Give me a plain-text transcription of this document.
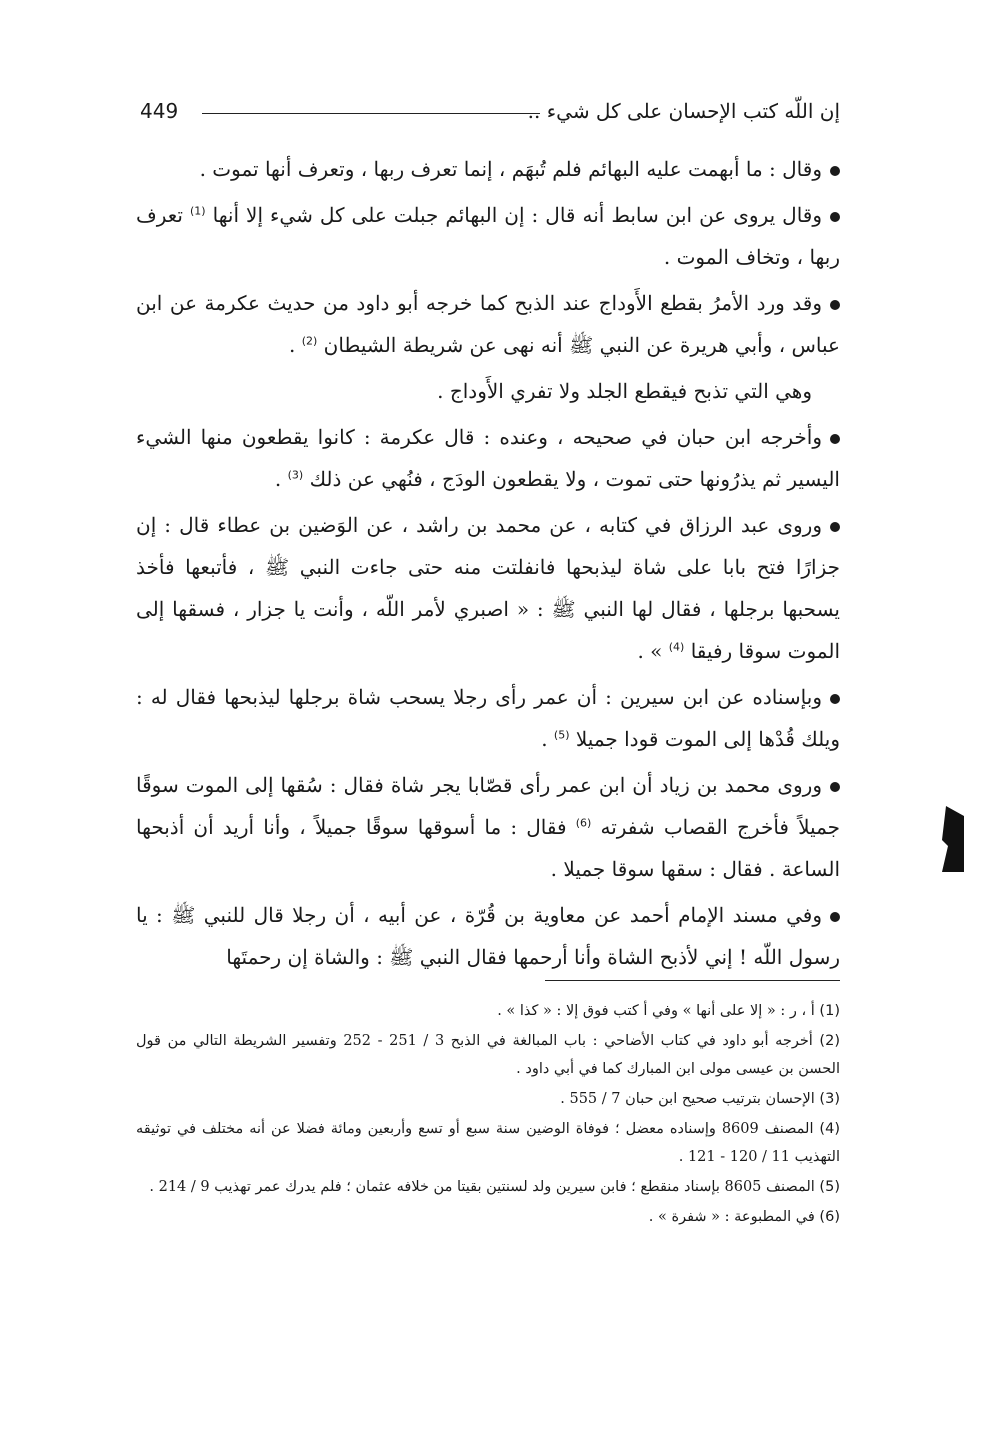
إن اللّه كتب الإحسان على كل شيء ..
449

وقال : ما أبهمت عليه البهائم فلم تُبهَم ، إنما تعرف ربها ، وتعرف أنها تموت .

وقال يروى عن ابن سابط أنه قال : إن البهائم جبلت على كل شيء إلا أنها $^{(1)}$ تعرف ربها ، وتخاف الموت .

وقد ورد الأمرُ بقطع الأَوداج عند الذبح كما خرجه أبو داود من حديث عكرمة عن ابن عباس ، وأبي هريرة عن النبي ﷺ أنه نهى عن شريطة الشيطان $^{(2)}$ .

وهي التي تذبح فيقطع الجلد ولا تفري الأَوداج .

وأخرجه ابن حبان في صحيحه ، وعنده : قال عكرمة : كانوا يقطعون منها الشيء اليسير ثم يذرُونها حتى تموت ، ولا يقطعون الودَج ، فنُهي عن ذلك $^{(3)}$ .

وروى عبد الرزاق في كتابه ، عن محمد بن راشد ، عن الوَضين بن عطاء قال : إن جزارًا فتح بابا على شاة ليذبحها فانفلتت منه حتى جاءت النبي ﷺ ، فأتبعها فأخذ يسحبها برجلها ، فقال لها النبي ﷺ : « اصبري لأمر اللّه ، وأنت يا جزار ، فسقها إلى الموت سوقا رفيقا $^{(4)}$ » .

وبإسناده عن ابن سيرين : أن عمر رأى رجلا يسحب شاة برجلها ليذبحها فقال له : ويلك قُدْها إلى الموت قودا جميلا $^{(5)}$ .

وروى محمد بن زياد أن ابن عمر رأى قصّابا يجر شاة فقال : سُقها إلى الموت سوقًا جميلاً فأخرج القصاب شفرته $^{(6)}$ فقال : ما أسوقها سوقًا جميلاً ، وأنا أريد أن أذبحها الساعة . فقال : سقها سوقا جميلا .

وفي مسند الإمام أحمد عن معاوية بن قُرّة ، عن أبيه ، أن رجلا قال للنبي ﷺ : يا رسول اللّه ! إني لأذبح الشاة وأنا أرحمها فقال النبي ﷺ : والشاة إن رحمتَها

(1) أ ، ر : « إلا على أنها » وفي أ كتب فوق إلا : « كذا » .

(2) أخرجه أبو داود في كتاب الأضاحي : باب المبالغة في الذبح 3 / 251 - 252 وتفسير الشريطة التالي من قول الحسن بن عيسى مولى ابن المبارك كما في أبي داود .

(3) الإحسان بترتيب صحيح ابن حبان 7 / 555 .

(4) المصنف 8609 وإسناده معضل ؛ فوفاة الوضين سنة سبع أو تسع وأربعين ومائة فضلا عن أنه مختلف في توثيقه التهذيب 11 / 120 - 121 .

(5) المصنف 8605 بإسناد منقطع ؛ فابن سيرين ولد لسنتين بقيتا من خلافه عثمان ؛ فلم يدرك عمر تهذيب 9 / 214 .

(6) في المطبوعة : « شفرة » .
